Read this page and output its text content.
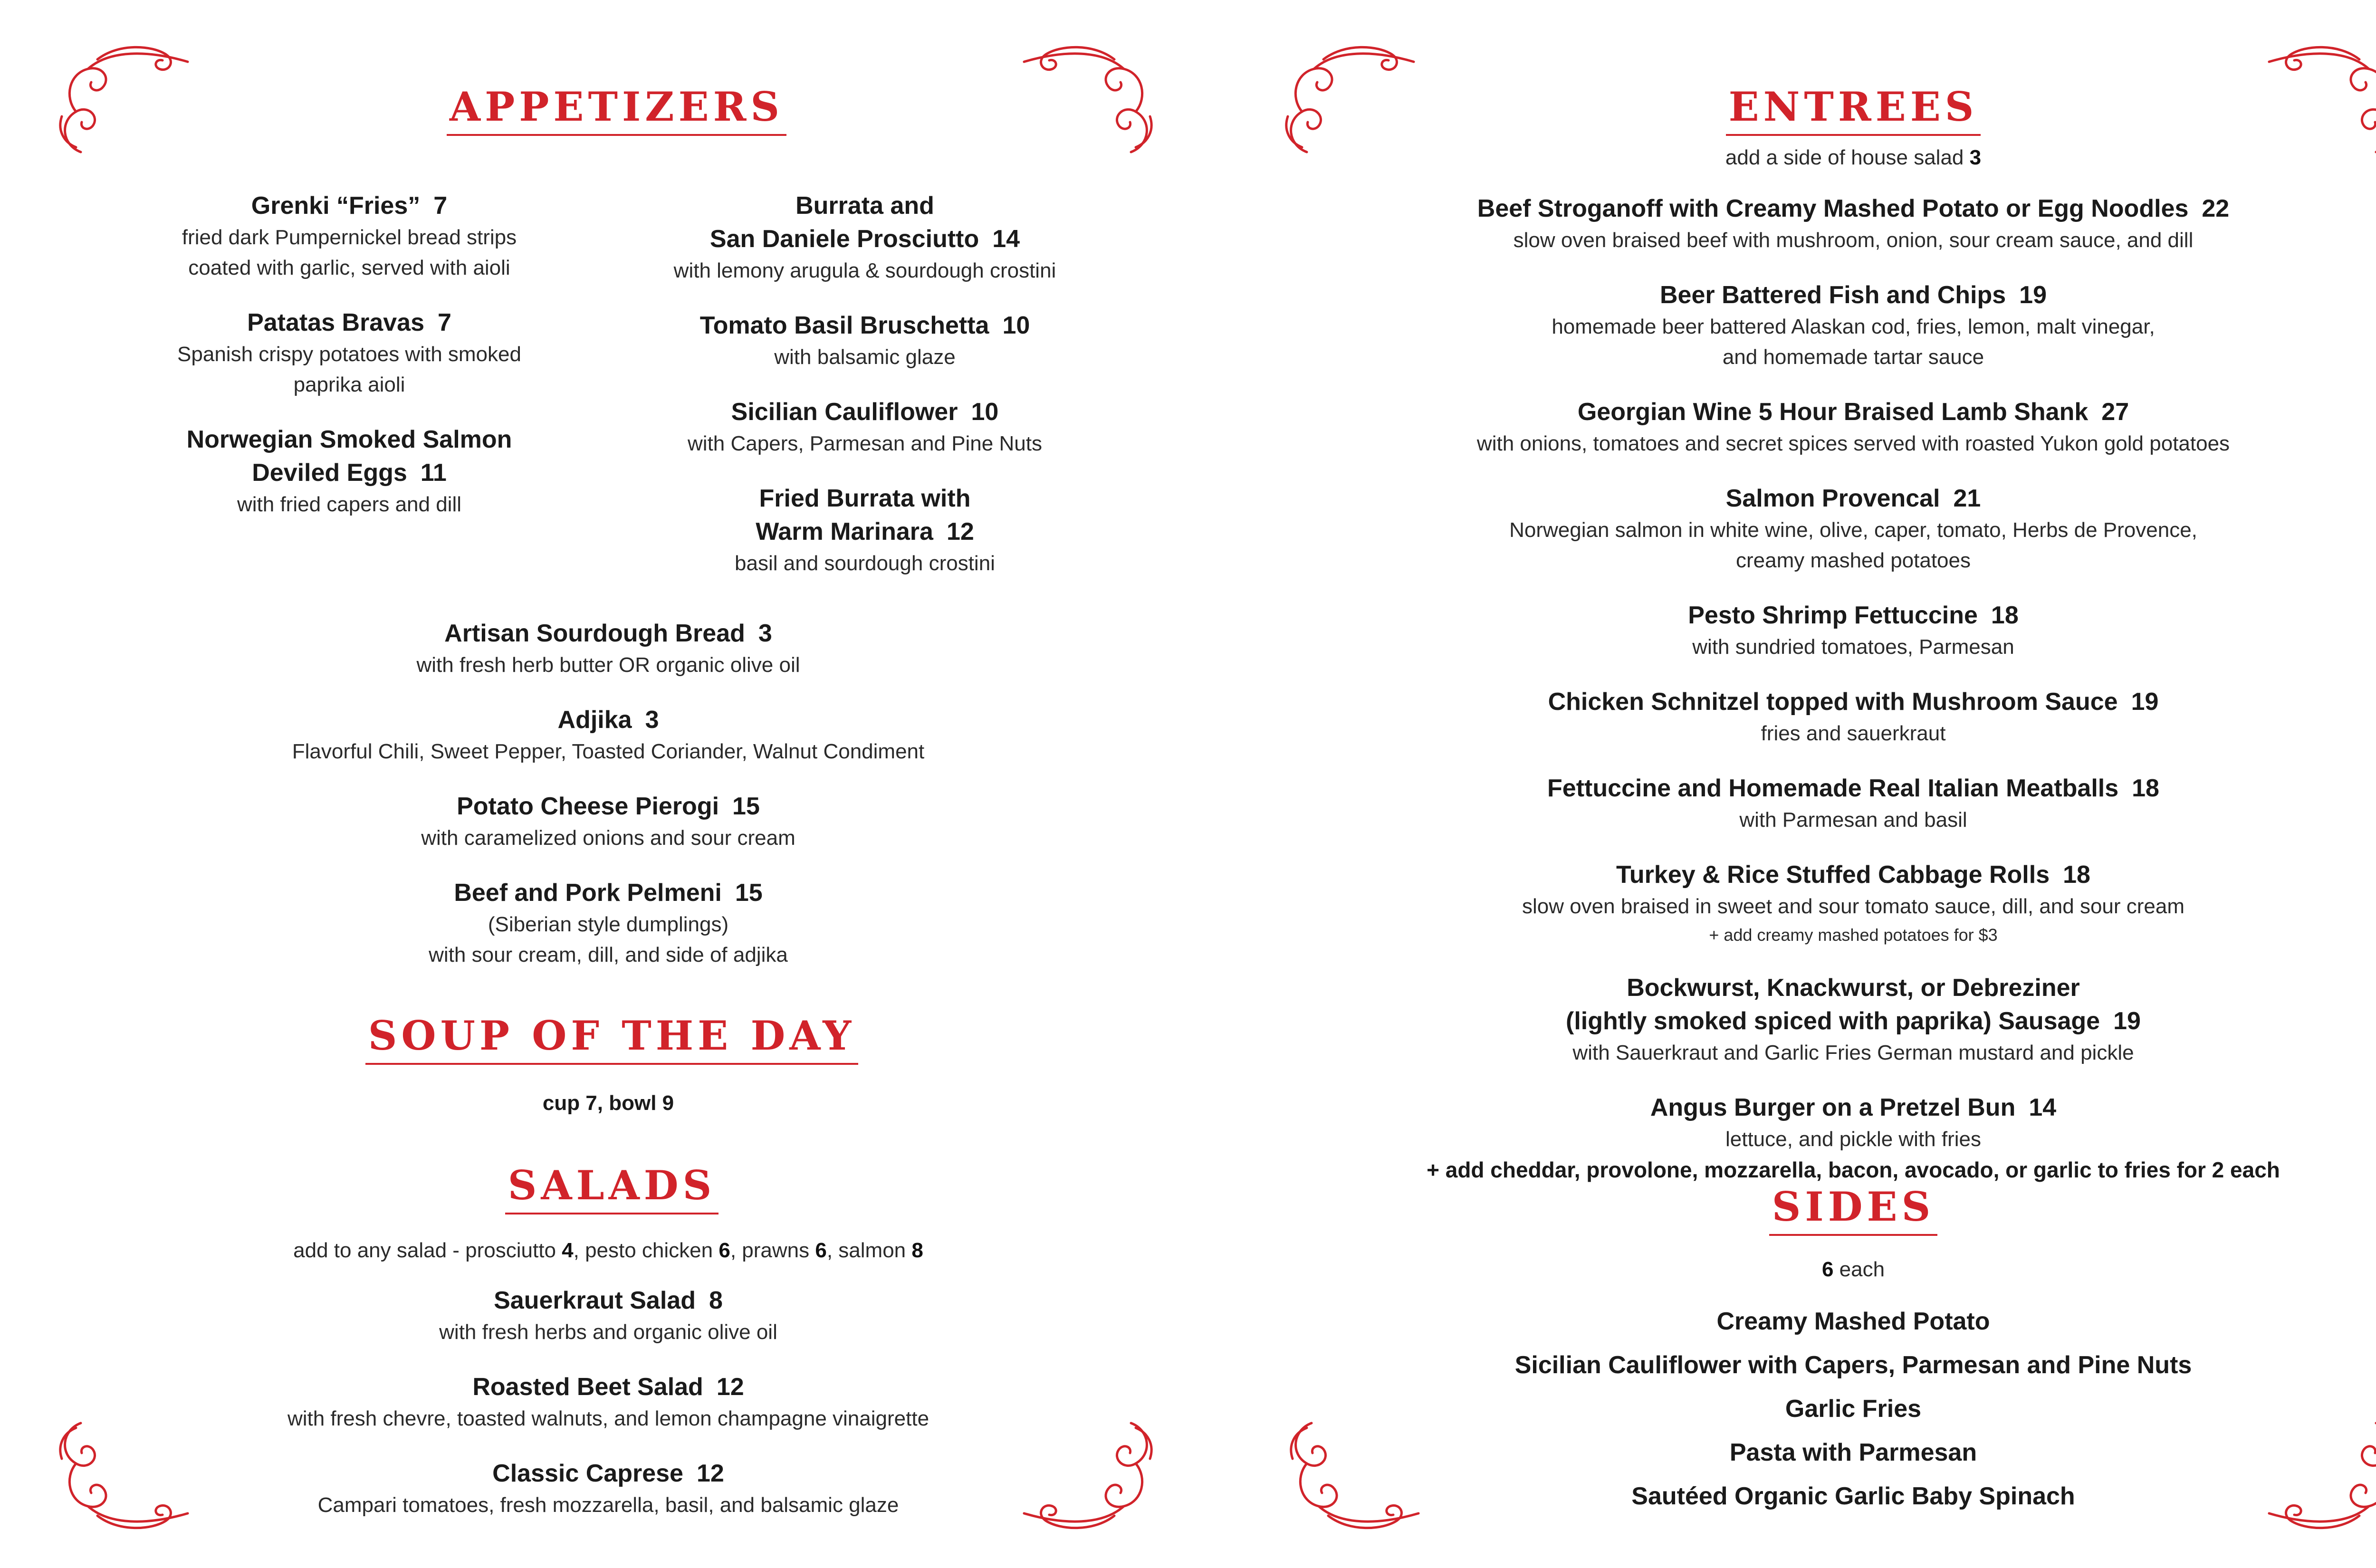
APPETIZERS
Grenki “Fries” 7
fried dark Pumpernickel bread strips
coated with garlic, served with aioli
Patatas Bravas 7
Spanish crispy potatoes with smoked
paprika aioli
Norwegian Smoked Salmon
Deviled Eggs 11
with fried capers and dill
Burrata and
San Daniele Prosciutto 14
with lemony arugula & sourdough crostini
Tomato Basil Bruschetta 10
with balsamic glaze
Sicilian Cauliflower 10
with Capers, Parmesan and Pine Nuts
Fried Burrata with
Warm Marinara 12
basil and sourdough crostini
Artisan Sourdough Bread 3
with fresh herb butter OR organic olive oil
Adjika 3
Flavorful Chili, Sweet Pepper, Toasted Coriander, Walnut Condiment
Potato Cheese Pierogi 15
with caramelized onions and sour cream
Beef and Pork Pelmeni 15
(Siberian style dumplings)
with sour cream, dill, and side of adjika
SOUP OF THE DAY
cup 7, bowl 9
SALADS
add to any salad - prosciutto 4, pesto chicken 6, prawns 6, salmon 8
Sauerkraut Salad 8
with fresh herbs and organic olive oil
Roasted Beet Salad 12
with fresh chevre, toasted walnuts, and lemon champagne vinaigrette
Classic Caprese 12
Campari tomatoes, fresh mozzarella, basil, and balsamic glaze
ENTREES
add a side of house salad 3
Beef Stroganoff with Creamy Mashed Potato or Egg Noodles 22
slow oven braised beef with mushroom, onion, sour cream sauce, and dill
Beer Battered Fish and Chips 19
homemade beer battered Alaskan cod, fries, lemon, malt vinegar,
and homemade tartar sauce
Georgian Wine 5 Hour Braised Lamb Shank 27
with onions, tomatoes and secret spices served with roasted Yukon gold potatoes
Salmon Provencal 21
Norwegian salmon in white wine, olive, caper, tomato, Herbs de Provence,
creamy mashed potatoes
Pesto Shrimp Fettuccine 18
with sundried tomatoes, Parmesan
Chicken Schnitzel topped with Mushroom Sauce 19
fries and sauerkraut
Fettuccine and Homemade Real Italian Meatballs 18
with Parmesan and basil
Turkey & Rice Stuffed Cabbage Rolls 18
slow oven braised in sweet and sour tomato sauce, dill, and sour cream
+ add creamy mashed potatoes for $3
Bockwurst, Knackwurst, or Debreziner
(lightly smoked spiced with paprika) Sausage 19
with Sauerkraut and Garlic Fries German mustard and pickle
Angus Burger on a Pretzel Bun 14
lettuce, and pickle with fries
+ add cheddar, provolone, mozzarella, bacon, avocado, or garlic to fries for 2 each
SIDES
6 each
Creamy Mashed Potato
Sicilian Cauliflower with Capers, Parmesan and Pine Nuts
Garlic Fries
Pasta with Parmesan
Sautéed Organic Garlic Baby Spinach
